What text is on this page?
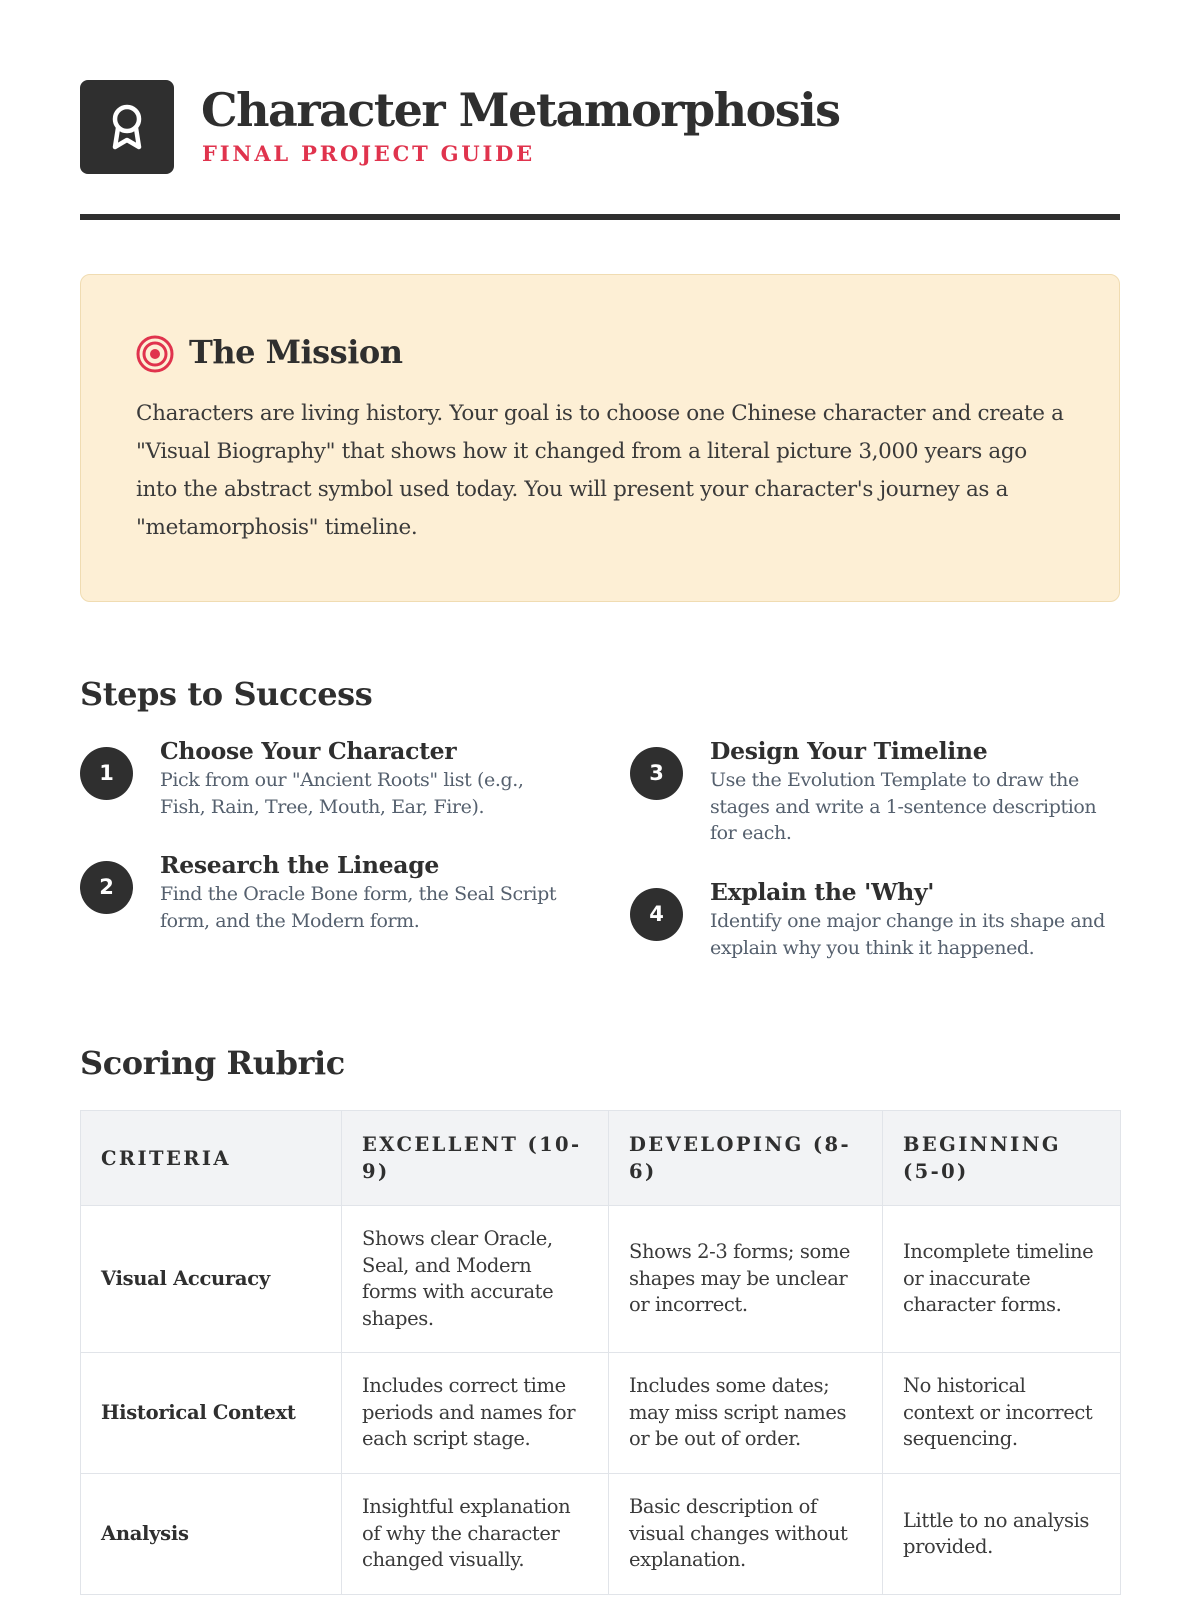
Character Metamorphosis
FINAL PROJECT GUIDE
The Mission
Characters are living history. Your goal is to choose one Chinese character and create a "Visual Biography" that shows how it changed from a literal picture 3,000 years ago into the abstract symbol used today. You will present your character's journey as a "metamorphosis" timeline.
Steps to Success
1
Choose Your Character
Pick from our "Ancient Roots" list (e.g., Fish, Rain, Tree, Mouth, Ear, Fire).
2
Research the Lineage
Find the Oracle Bone form, the Seal Script form, and the Modern form.
3
Design Your Timeline
Use the Evolution Template to draw the stages and write a 1-sentence description for each.
4
Explain the 'Why'
Identify one major change in its shape and explain why you think it happened.
Scoring Rubric
CRITERIA	EXCELLENT (10-9)	DEVELOPING (8-6)	BEGINNING (5-0)
Visual Accuracy	Shows clear Oracle, Seal, and Modern forms with accurate shapes.	Shows 2-3 forms; some shapes may be unclear or incorrect.	Incomplete timeline or inaccurate character forms.
Historical Context	Includes correct time periods and names for each script stage.	Includes some dates; may miss script names or be out of order.	No historical context or incorrect sequencing.
Analysis	Insightful explanation of why the character changed visually.	Basic description of visual changes without explanation.	Little to no analysis provided.
